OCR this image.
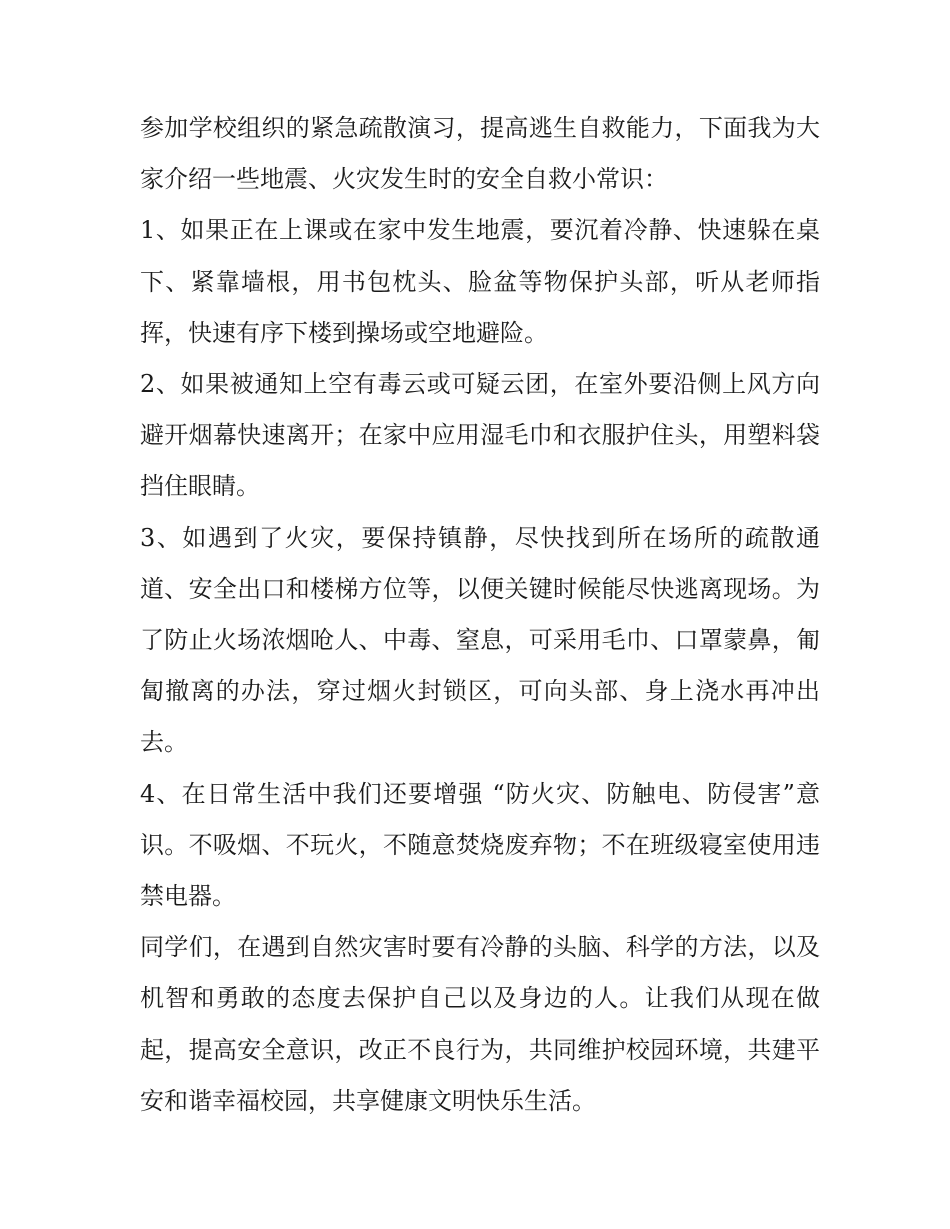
参加学校组织的紧急疏散演习，提高逃生自救能力，下面我为大家介绍一些地震、火灾发生时的安全自救小常识：

1、如果正在上课或在家中发生地震，要沉着冷静、快速躲在桌下、紧靠墙根，用书包枕头、脸盆等物保护头部，听从老师指挥，快速有序下楼到操场或空地避险。

2、如果被通知上空有毒云或可疑云团，在室外要沿侧上风方向避开烟幕快速离开；在家中应用湿毛巾和衣服护住头，用塑料袋挡住眼睛。

3、如遇到了火灾，要保持镇静，尽快找到所在场所的疏散通道、安全出口和楼梯方位等，以便关键时候能尽快逃离现场。为了防止火场浓烟呛人、中毒、窒息，可采用毛巾、口罩蒙鼻，匍匐撤离的办法，穿过烟火封锁区，可向头部、身上浇水再冲出去。

4、在日常生活中我们还要增强 “防火灾、防触电、防侵害”意识。不吸烟、不玩火，不随意焚烧废弃物；不在班级寝室使用违禁电器。

同学们，在遇到自然灾害时要有冷静的头脑、科学的方法，以及机智和勇敢的态度去保护自己以及身边的人。让我们从现在做起，提高安全意识，改正不良行为，共同维护校园环境，共建平安和谐幸福校园，共享健康文明快乐生活。
